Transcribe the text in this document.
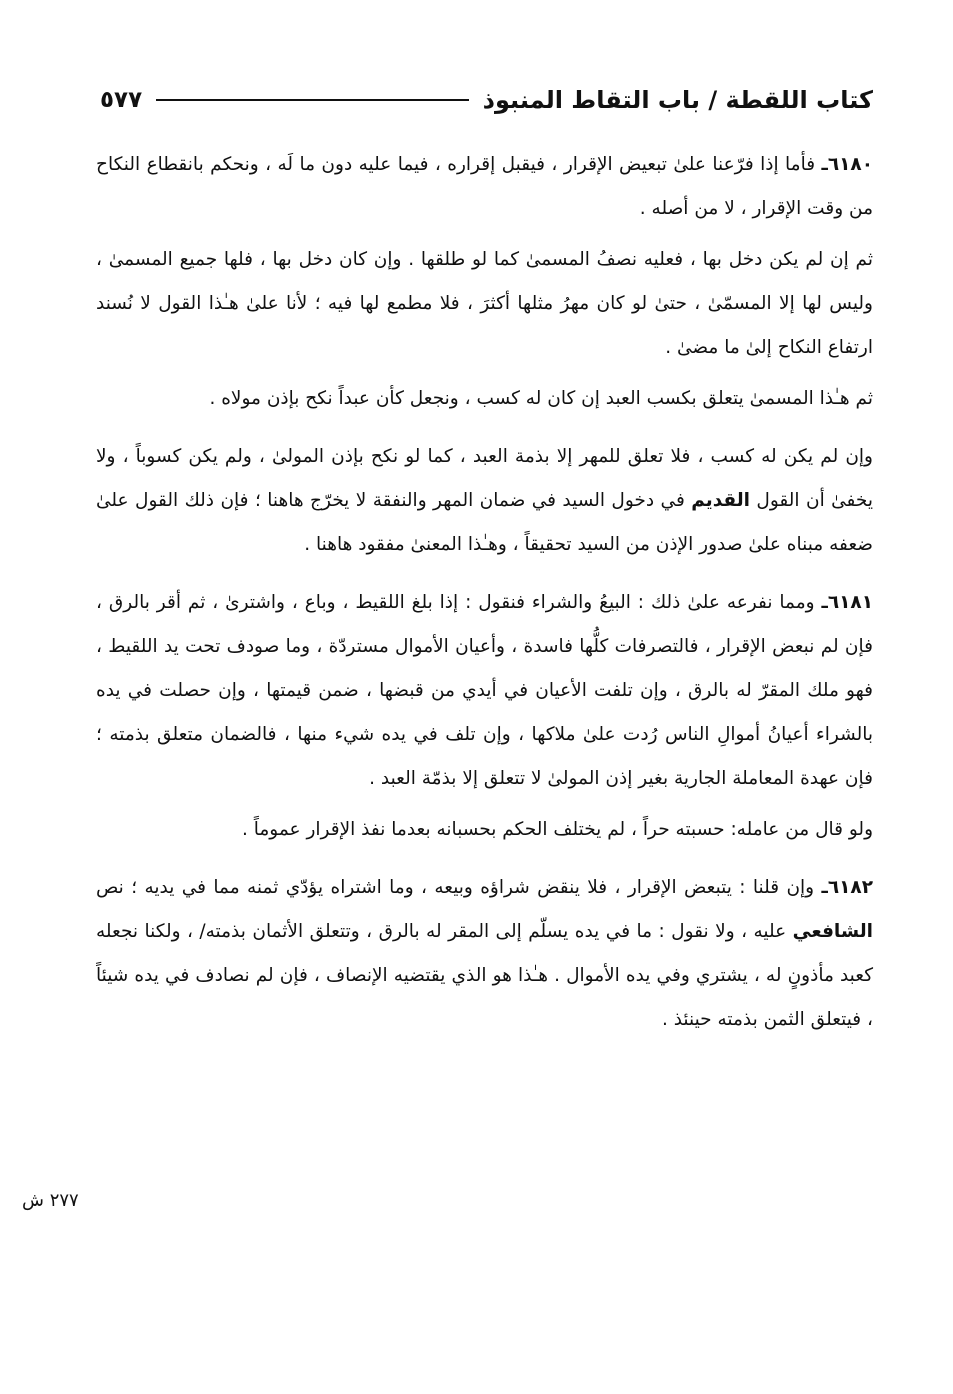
كتاب اللقطة / باب التقاط المنبوذ
٥٧٧

٦١٨٠ـ فأما إذا فرّعنا علىٰ تبعيض الإقرار ، فيقبل إقراره ، فيما عليه دون ما لَه ، ونحكم بانقطاع النكاح من وقت الإقرار ، لا من أصله .

ثم إن لم يكن دخل بها ، فعليه نصفُ المسمىٰ كما لو طلقها . وإن كان دخل بها ، فلها جميع المسمىٰ ، وليس لها إلا المسمّىٰ ، حتىٰ لو كان مهرُ مثلها أكثرَ ، فلا مطمع لها فيه ؛ لأنا علىٰ هـٰذا القول لا نُسند ارتفاع النكاح إلىٰ ما مضىٰ .

ثم هـٰذا المسمىٰ يتعلق بكسب العبد إن كان له كسب ، ونجعل كأن عبداً نكح بإذن مولاه .

وإن لم يكن له كسب ، فلا تعلق للمهر إلا بذمة العبد ، كما لو نكح بإذن المولىٰ ، ولم يكن كسوباً ، ولا يخفىٰ أن القول القديم في دخول السيد في ضمان المهر والنفقة لا يخرّج هاهنا ؛ فإن ذلك القول علىٰ ضعفه مبناه علىٰ صدور الإذن من السيد تحقيقاً ، وهـٰذا المعنىٰ مفقود هاهنا .

٦١٨١ـ ومما نفرعه علىٰ ذلك : البيعُ والشراء فنقول : إذا بلغ اللقيط ، وباع ، واشترىٰ ، ثم أقر بالرق ، فإن لم نبعض الإقرار ، فالتصرفات كلُّها فاسدة ، وأعيان الأموال مستردّة ، وما صودف تحت يد اللقيط ، فهو ملك المقرّ له بالرق ، وإن تلفت الأعيان في أيدي من قبضها ، ضمن قيمتها ، وإن حصلت في يده بالشراء أعيانُ أموالِ الناس رُدت علىٰ ملاكها ، وإن تلف في يده شيء منها ، فالضمان متعلق بذمته ؛ فإن عهدة المعاملة الجارية بغير إذن المولىٰ لا تتعلق إلا بذمّة العبد .

ولو قال من عامله: حسبته حراً ، لم يختلف الحكم بحسبانه بعدما نفذ الإقرار عموماً .

٦١٨٢ـ وإن قلنا : يتبعض الإقرار ، فلا ينقض شراؤه وبيعه ، وما اشتراه يؤدّي ثمنه مما في يديه ؛ نص الشافعي عليه ، ولا نقول : ما في يده يسلّم إلى المقر له بالرق ، وتتعلق الأثمان بذمته/ ، ولكنا نجعله كعبد مأذونٍ له ، يشتري وفي يده الأموال . هـٰذا هو الذي يقتضيه الإنصاف ، فإن لم نصادف في يده شيئاً ، فيتعلق الثمن بذمته حينئذ .

٢٧٧ ش
